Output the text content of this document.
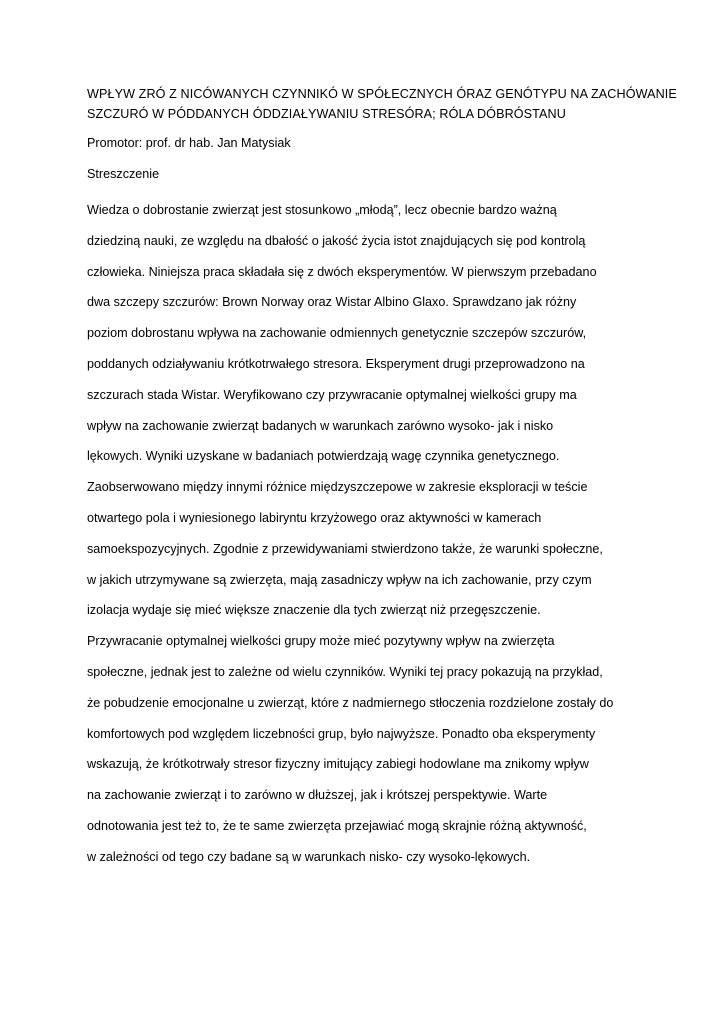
WPŁYW ZRÓ Z NICÓWANYCH CZYNNIKÓ W SPÓŁECZNYCH ÓRAZ GENÓTYPU NA ZACHÓWANIE
SZCZURÓ W PÓDDANYCH ÓDDZIAŁYWANIU STRESÓRA; RÓLA DÓBRÓSTANU

Promotor: prof. dr hab. Jan Matysiak

Streszczenie

Wiedza o dobrostanie zwierząt jest stosunkowo „młodą”, lecz obecnie bardzo ważną
dziedziną nauki, ze względu na dbałość o jakość życia istot znajdujących się pod kontrolą
człowieka. Niniejsza praca składała się z dwóch eksperymentów. W pierwszym przebadano
dwa szczepy szczurów: Brown Norway oraz Wistar Albino Glaxo. Sprawdzano jak różny
poziom dobrostanu wpływa na zachowanie odmiennych genetycznie szczepów szczurów,
poddanych odziaływaniu krótkotrwałego stresora. Eksperyment drugi przeprowadzono na
szczurach stada Wistar. Weryfikowano czy przywracanie optymalnej wielkości grupy ma
wpływ na zachowanie zwierząt badanych w warunkach zarówno wysoko- jak i nisko
lękowych. Wyniki uzyskane w badaniach potwierdzają wagę czynnika genetycznego.
Zaobserwowano między innymi różnice międzyszczepowe w zakresie eksploracji w teście
otwartego pola i wyniesionego labiryntu krzyżowego oraz aktywności w kamerach
samoekspozycyjnych. Zgodnie z przewidywaniami stwierdzono także, że warunki społeczne,
w jakich utrzymywane są zwierzęta, mają zasadniczy wpływ na ich zachowanie, przy czym
izolacja wydaje się mieć większe znaczenie dla tych zwierząt niż przegęszczenie.
Przywracanie optymalnej wielkości grupy może mieć pozytywny wpływ na zwierzęta
społeczne, jednak jest to zależne od wielu czynników. Wyniki tej pracy pokazują na przykład,
że pobudzenie emocjonalne u zwierząt, które z nadmiernego stłoczenia rozdzielone zostały do
komfortowych pod względem liczebności grup, było najwyższe. Ponadto oba eksperymenty
wskazują, że krótkotrwały stresor fizyczny imitujący zabiegi hodowlane ma znikomy wpływ
na zachowanie zwierząt i to zarówno w dłuższej, jak i krótszej perspektywie. Warte
odnotowania jest też to, że te same zwierzęta przejawiać mogą skrajnie różną aktywność,
w zależności od tego czy badane są w warunkach nisko- czy wysoko-lękowych.
